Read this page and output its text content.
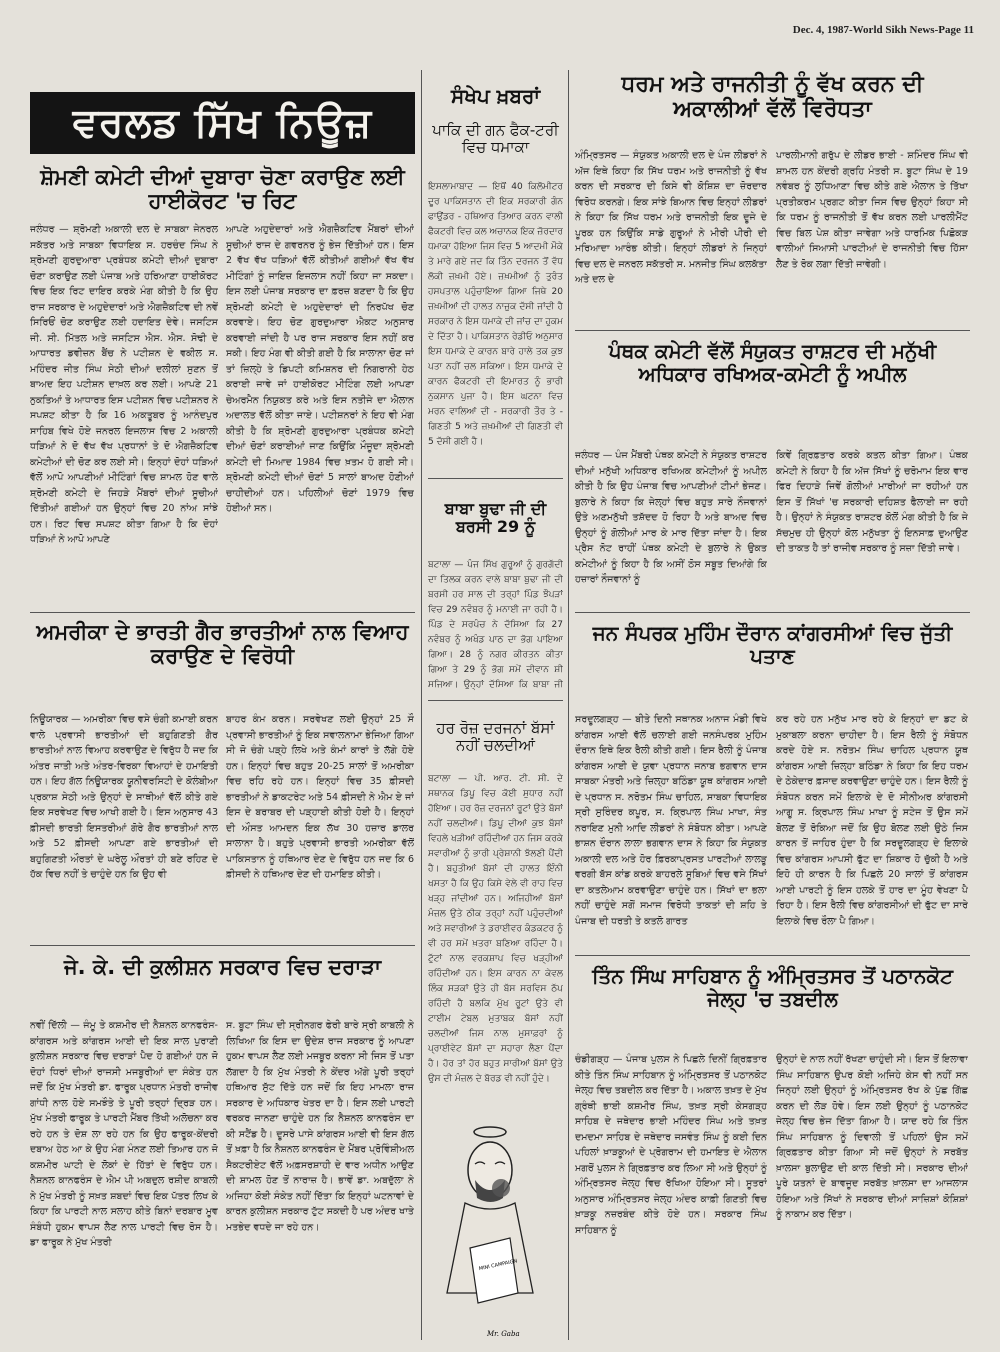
Dec. 4, 1987-World Sikh News-Page 11
ਵਰਲਡ ਸਿੱਖ ਨਿਊਜ਼
ਸ਼ੋਮਣੀ ਕਮੇਟੀ ਦੀਆਂ ਦੁਬਾਰਾ ਚੋਣਾ ਕਰਾਉਣ ਲਈ ਹਾਈਕੋਰਟ 'ਚ ਰਿਟ
ਜਲੰਧਰ — ਸ਼੍ਰੋਮਣੀ ਅਕਾਲੀ ਦਲ ਦੇ ਸਾਬਕਾ ਜੇਨਰਲ ਸਕੱਤਰ ਅਤੇ ਸਾਬਕਾ ਵਿਧਾਇਕ ਸ. ਹਰਚੰਦ ਸਿੰਘ ਨੇ ਸ਼੍ਰੋਮਣੀ ਗੁਰਦੁਆਰਾ ਪ੍ਰਬੰਧਕ ਕਮੇਟੀ ਦੀਆਂ ਦੁਬਾਰਾ ਚੋਣਾ ਕਰਾਉਣ ਲਈ ਪੰਜਾਬ ਅਤੇ ਹਰਿਆਣਾ ਹਾਈਕੋਰਟ ਵਿਚ ਇਕ ਰਿਟ ਦਾਇਰ ਕਰਕੇ ਮੰਗ ਕੀਤੀ ਹੈ ਕਿ ਉਹ ਰਾਜ ਸਰਕਾਰ ਦੇ ਅਹੁਦੇਦਾਰਾਂ ਅਤੇ ਐਗਜ਼ੈਕਟਿਵ ਦੀ ਨਵੇਂ ਸਿਰਿਓਂ ਚੋਣ ਕਰਾਉਣ ਲਈ ਹਦਾਇਤ ਦੇਵੇ। ਜਸਟਿਸ ਜੀ. ਸੀ. ਮਿੱਤਲ ਅਤੇ ਜਸਟਿਸ ਐਸ. ਐਸ. ਸੋਢੀ ਦੇ ਆਧਾਰਤ ਡਵੀਜ਼ਨ ਬੈਂਚ ਨੇ ਪਟੀਸ਼ਨ ਦੇ ਵਕੀਲ ਸ. ਮਹਿੰਦਰ ਜੀਤ ਸਿੰਘ ਸੇਠੀ ਦੀਆਂ ਦਲੀਲਾਂ ਸੁਣਨ ਤੋਂ ਬਾਅਦ ਇਹ ਪਟੀਸ਼ਨ ਦਾਖ਼ਲ ਕਰ ਲਈ। ਆਪਣੇ 21 ਨੁਕਤਿਆਂ ਤੇ ਆਧਾਰਤ ਇਸ ਪਟੀਸ਼ਨ ਵਿਚ ਪਟੀਸ਼ਨਰ ਨੇ ਸਪਸ਼ਟ ਕੀਤਾ ਹੈ ਕਿ 16 ਅਕਤੂਬਰ ਨੂੰ ਆਨੰਦਪੁਰ ਸਾਹਿਬ ਵਿਖੇ ਹੋਏ ਜਨਰਲ ਇਜਲਾਸ ਵਿਚ 2 ਅਕਾਲੀ ਧੜਿਆਂ ਨੇ ਦੋ ਵੱਖ ਵੱਖ ਪ੍ਰਧਾਨਾਂ ਤੇ ਦੋ ਐਗਜ਼ੈਕਟਿਵ ਕਮੇਟੀਆਂ ਦੀ ਚੋਣ ਕਰ ਲਈ ਸੀ। ਇਨ੍ਹਾਂ ਦੋਹਾਂ ਧੜਿਆਂ ਵੱਲੋਂ ਆਪੋ ਆਪਣੀਆਂ ਮੀਟਿੰਗਾਂ ਵਿਚ ਸ਼ਾਮਲ ਹੋਣ ਵਾਲੇ ਸ਼੍ਰੋਮਣੀ ਕਮੇਟੀ ਦੇ ਜਿਹੜੇ ਮੈਂਬਰਾਂ ਦੀਆਂ ਸੂਚੀਆਂ ਦਿੱਤੀਆਂ ਗਈਆਂ ਹਨ ਉਨ੍ਹਾਂ ਵਿਚ 20 ਨਾਂਅ ਸਾਂਝੇ ਹਨ। ਰਿਟ ਵਿਚ ਸਪਸ਼ਟ ਕੀਤਾ ਗਿਆ ਹੈ ਕਿ ਦੋਹਾਂ ਧੜਿਆਂ ਨੇ ਆਪੋ ਆਪਣੇ
ਆਪਣੇ ਅਹੁਦੇਦਾਰਾਂ ਅਤੇ ਐਗਜ਼ੈਕਟਿਵ ਮੈਂਬਰਾਂ ਦੀਆਂ ਸੂਚੀਆਂ ਰਾਜ ਦੇ ਗਵਰਨਰ ਨੂੰ ਭੇਜ ਦਿੱਤੀਆਂ ਹਨ। ਇਸ 2 ਵੱਖ ਵੱਖ ਧੜਿਆਂ ਵੱਲੋਂ ਕੀਤੀਆਂ ਗਈਆਂ ਵੱਖ ਵੱਖ ਮੀਟਿੰਗਾਂ ਨੂੰ ਜਾਇਜ਼ ਇਜਲਾਸ ਨਹੀਂ ਕਿਹਾ ਜਾ ਸਕਦਾ। ਇਸ ਲਈ ਪੰਜਾਬ ਸਰਕਾਰ ਦਾ ਫ਼ਰਜ਼ ਬਣਦਾ ਹੈ ਕਿ ਉਹ ਸ਼੍ਰੋਮਣੀ ਕਮੇਟੀ ਦੇ ਅਹੁਦੇਦਾਰਾਂ ਦੀ ਨਿਰਪੱਖ ਚੋਣ ਕਰਵਾਏ। ਇਹ ਚੋਣ ਗੁਰਦੁਆਰਾ ਐਕਟ ਅਨੁਸਾਰ ਕਰਵਾਈ ਜਾਂਦੀ ਹੈ ਪਰ ਰਾਜ ਸਰਕਾਰ ਇਸ ਨਹੀਂ ਕਰ ਸਕੀ। ਇਹ ਮੰਗ ਵੀ ਕੀਤੀ ਗਈ ਹੈ ਕਿ ਸਾਲਾਨਾ ਚੋਣ ਜਾਂ ਤਾਂ ਜ਼ਿਲ੍ਹੇ ਤੇ ਡਿਪਟੀ ਕਮਿਸ਼ਨਰ ਦੀ ਨਿਗਰਾਨੀ ਹੇਠ ਕਰਾਈ ਜਾਵੇ ਜਾਂ ਹਾਈਕੋਰਟ ਮੀਟਿੰਗ ਲਈ ਆਪਣਾ ਚੇਅਰਮੈਨ ਨਿਯੁਕਤ ਕਰੇ ਅਤੇ ਇਸ ਨਤੀਜੇ ਦਾ ਐਲਾਨ ਅਦਾਲਤ ਵੱਲੋਂ ਕੀਤਾ ਜਾਏ। ਪਟੀਸ਼ਨਰਾਂ ਨੇ ਇਹ ਵੀ ਮੰਗ ਕੀਤੀ ਹੈ ਕਿ ਸ਼੍ਰੋਮਣੀ ਗੁਰਦੁਆਰਾ ਪ੍ਰਬੰਧਕ ਕਮੇਟੀ ਦੀਆਂ ਚੋਣਾਂ ਕਰਾਈਆਂ ਜਾਣ ਕਿਉਂਕਿ ਮੌਜੂਦਾ ਸ਼੍ਰੋਮਣੀ ਕਮੇਟੀ ਦੀ ਮਿਆਦ 1984 ਵਿਚ ਖ਼ਤਮ ਹੋ ਗਈ ਸੀ। ਸ਼੍ਰੋਮਣੀ ਕਮੇਟੀ ਦੀਆਂ ਚੋਣਾਂ 5 ਸਾਲਾਂ ਬਾਅਦ ਹੋਣੀਆਂ ਚਾਹੀਦੀਆਂ ਹਨ। ਪਹਿਲੀਆਂ ਚੋਣਾਂ 1979 ਵਿਚ ਹੋਈਆਂ ਸਨ।
ਅਮਰੀਕਾ ਦੇ ਭਾਰਤੀ ਗੈਰ ਭਾਰਤੀਆਂ ਨਾਲ ਵਿਆਹ ਕਰਾਉਣ ਦੇ ਵਿਰੋਧੀ
ਨਿਊਯਾਰਕ — ਅਮਰੀਕਾ ਵਿਚ ਵਸੇ ਚੰਗੀ ਕਮਾਈ ਕਰਨ ਵਾਲੇ ਪ੍ਰਵਾਸੀ ਭਾਰਤੀਆਂ ਦੀ ਬਹੁਗਿਣਤੀ ਗੈਰ ਭਾਰਤੀਆਂ ਨਾਲ ਵਿਆਹ ਕਰਵਾਉਣ ਦੇ ਵਿਰੁੱਧ ਹੈ ਜਦ ਕਿ ਅੰਤਰ ਜਾਤੀ ਅਤੇ ਅੰਤਰ-ਵਿਰਕਾ ਵਿਆਹਾਂ ਦੇ ਹਮਾਇਤੀ ਹਨ। ਇਹ ਗੱਲ ਨਿਊਯਾਰਕ ਯੂਨੀਵਰਸਿਟੀ ਦੇ ਕੋਲੰਬੀਆ ਪ੍ਰਕਾਸ਼ ਸੇਠੀ ਅਤੇ ਉਨ੍ਹਾਂ ਦੇ ਸਾਥੀਆਂ ਵੱਲੋਂ ਕੀਤੇ ਗਏ ਇਕ ਸਰਵੇਖਣ ਵਿਚ ਆਖੀ ਗਈ ਹੈ। ਇਸ ਅਨੁਸਾਰ 43 ਫ਼ੀਸਦੀ ਭਾਰਤੀ ਇਸਤਰੀਆਂ ਗੋਰੇ ਗੈਰ ਭਾਰਤੀਆਂ ਨਾਲ ਅਤੇ 52 ਫ਼ੀਸਦੀ ਆਪਣਾ ਗਏ ਭਾਰਤੀਆਂ ਦੀ ਬਹੁਗਿਣਤੀ ਔਰਤਾਂ ਦੇ ਘਰੇਲੂ ਔਰਤਾਂ ਹੀ ਬਣੇ ਰਹਿਣ ਦੇ ਹੱਕ ਵਿਚ ਨਹੀਂ ਤੇ ਚਾਹੁੰਦੇ ਹਨ ਕਿ ਉਹ ਵੀ
ਬਾਹਰ ਕੰਮ ਕਰਨ। ਸਰਵੇਖਣ ਲਈ ਉਨ੍ਹਾਂ 25 ਸੌ ਪ੍ਰਵਾਸੀ ਭਾਰਤੀਆਂ ਨੂੰ ਇਕ ਸਵਾਲਨਾਮਾ ਭੇਜਿਆ ਗਿਆ ਸੀ ਜੋ ਚੰਗੇ ਪੜ੍ਹੇ ਲਿਖੇ ਅਤੇ ਕੰਮਾਂ ਕਾਰਾਂ ਤੇ ਲੱਗੇ ਹੋਏ ਹਨ। ਇਨ੍ਹਾਂ ਵਿਚ ਬਹੁਤ 20-25 ਸਾਲਾਂ ਤੋਂ ਅਮਰੀਕਾ ਵਿਚ ਰਹਿ ਰਹੇ ਹਨ। ਇਨ੍ਹਾਂ ਵਿਚ 35 ਫ਼ੀਸਦੀ ਭਾਰਤੀਆਂ ਨੇ ਡਾਕਟਰੇਟ ਅਤੇ 54 ਫ਼ੀਸਦੀ ਨੇ ਐਮ ਏ ਜਾਂ ਇਸ ਦੇ ਬਰਾਬਰ ਦੀ ਪੜ੍ਹਾਈ ਕੀਤੀ ਹੋਈ ਹੈ। ਇਨ੍ਹਾਂ ਦੀ ਔਸਤ ਆਮਦਨ ਇਕ ਲੱਖ 30 ਹਜ਼ਾਰ ਡਾਲਰ ਸਾਲਾਨਾ ਹੈ। ਬਹੁਤੇ ਪ੍ਰਵਾਸੀ ਭਾਰਤੀ ਅਮਰੀਕਾ ਵੱਲੋਂ ਪਾਕਿਸਤਾਨ ਨੂੰ ਹਥਿਆਰ ਦੇਣ ਦੇ ਵਿਰੁੱਧ ਹਨ ਜਦ ਕਿ 6 ਫ਼ੀਸਦੀ ਨੇ ਹਥਿਆਰ ਦੇਣ ਦੀ ਹਮਾਇਤ ਕੀਤੀ।
ਜੇ. ਕੇ. ਦੀ ਕੁਲੀਸ਼ਨ ਸਰਕਾਰ ਵਿਚ ਦਰਾੜਾ
ਨਵੀਂ ਦਿੱਲੀ — ਜੰਮੂ ਤੇ ਕਸ਼ਮੀਰ ਦੀ ਨੈਸ਼ਨਲ ਕਾਨਫਰੰਸ-ਕਾਂਗਰਸ ਅਤੇ ਕਾਂਗਰਸ ਆਈ ਦੀ ਇਕ ਸਾਲ ਪੁਰਾਣੀ ਕੁਲੀਸ਼ਨ ਸਰਕਾਰ ਵਿਚ ਦਰਾੜਾਂ ਪੈਦ ਹੋ ਗਈਆਂ ਹਨ ਜੋ ਦੋਹਾਂ ਧਿਰਾਂ ਦੀਆਂ ਰਾਜਸੀ ਮਜਬੂਰੀਆਂ ਦਾ ਸੰਕੇਤ ਹਨ ਜਦੋਂ ਕਿ ਮੁੱਖ ਮੰਤਰੀ ਡਾ. ਫਾਰੂਕ ਪ੍ਰਧਾਨ ਮੰਤਰੀ ਰਾਜੀਵ ਗਾਂਧੀ ਨਾਲ ਹੋਏ ਸਮਝੌਤੇ ਤੇ ਪੂਰੀ ਤਰ੍ਹਾਂ ਦ੍ਰਿੜ ਹਨ। ਮੁੱਖ ਮੰਤਰੀ ਫਾਰੂਕ ਤੇ ਪਾਰਟੀ ਮੈਂਬਰ ਤਿੱਖੀ ਅਲੋਚਨਾ ਕਰ ਰਹੇ ਹਨ ਤੇ ਦੋਸ਼ ਲਾ ਰਹੇ ਹਨ ਕਿ ਉਹ ਫਾਰੂਕ-ਕੇਂਦਰੀ ਦਬਾਅ ਹੇਠ ਆ ਕੇ ਉਹ ਮੰਗ ਮੰਨਣ ਲਈ ਤਿਆਰ ਹਨ ਜੋ ਕਸ਼ਮੀਰ ਘਾਟੀ ਦੇ ਲੋਕਾਂ ਦੇ ਹਿੱਤਾਂ ਦੇ ਵਿਰੁੱਧ ਹਨ। ਨੈਸ਼ਨਲ ਕਾਨਫਰੰਸ ਦੇ ਐਮ ਪੀ ਅਬਦੁਲ ਰਸ਼ੀਦ ਕਾਬਲੀ ਨੇ ਮੁੱਖ ਮੰਤਰੀ ਨੂੰ ਸਖ਼ਤ ਸ਼ਬਦਾਂ ਵਿਚ ਇਕ ਪੱਤਰ ਲਿਖ ਕੇ ਕਿਹਾ ਕਿ ਪਾਰਟੀ ਨਾਲ ਸਲਾਹ ਕੀਤੇ ਬਿਨਾਂ ਦਰਬਾਰ ਮੂਵ ਸੰਬੰਧੀ ਹੁਕਮ ਵਾਪਸ ਲੈਣ ਨਾਲ ਪਾਰਟੀ ਵਿਚ ਰੋਸ ਹੈ। ਡਾ ਫਾਰੂਕ ਨੇ ਮੁੱਖ ਮੰਤਰੀ
ਸ. ਬੂਟਾ ਸਿੰਘ ਦੀ ਸ੍ਰੀਨਗਰ ਫੇਰੀ ਬਾਰੇ ਸ੍ਰੀ ਕਾਬਲੀ ਨੇ ਲਿਖਿਆ ਕਿ ਇਸ ਦਾ ਉਦੇਸ਼ ਰਾਜ ਸਰਕਾਰ ਨੂੰ ਆਪਣਾ ਹੁਕਮ ਵਾਪਸ ਲੈਣ ਲਈ ਮਜਬੂਰ ਕਰਨਾ ਸੀ ਜਿਸ ਤੋਂ ਪਤਾ ਲੱਗਦਾ ਹੈ ਕਿ ਮੁੱਖ ਮੰਤਰੀ ਨੇ ਕੇਂਦਰ ਅੱਗੇ ਪੂਰੀ ਤਰ੍ਹਾਂ ਹਥਿਆਰ ਸੁੱਟ ਦਿੱਤੇ ਹਨ ਜਦੋਂ ਕਿ ਇਹ ਮਾਮਲਾ ਰਾਜ ਸਰਕਾਰ ਦੇ ਅਧਿਕਾਰ ਖੇਤਰ ਦਾ ਹੈ। ਇਸ ਲਈ ਪਾਰਟੀ ਵਰਕਰ ਜਾਨਣਾ ਚਾਹੁੰਦੇ ਹਨ ਕਿ ਨੈਸ਼ਨਲ ਕਾਨਫਰੰਸ ਦਾ ਕੀ ਸਟੈਂਡ ਹੈ। ਦੂਸਰੇ ਪਾਸੇ ਕਾਂਗਰਸ ਆਈ ਵੀ ਇਸ ਗੱਲ ਤੋਂ ਖ਼ਫ਼ਾ ਹੈ ਕਿ ਨੈਸ਼ਨਲ ਕਾਨਫਰੰਸ ਦੇ ਮੈਂਬਰ ਪ੍ਰੋਵਿੰਸ਼ੀਅਲ ਸੈਕਟਰੀਏਟ ਵੱਲੋਂ ਅਫ਼ਸਰਸ਼ਾਹੀ ਦੇ ਵਾਰ ਅਧੀਨ ਆਉਣ ਦੀ ਸ਼ਾਮਲ ਹੋਣ ਤੋਂ ਨਾਰਾਜ਼ ਹੈ। ਭਾਵੇਂ ਡਾ. ਅਬਦੁੱਲਾ ਨੇ ਅਜਿਹਾ ਕੋਈ ਸੰਕੇਤ ਨਹੀਂ ਦਿੱਤਾ ਕਿ ਇਨ੍ਹਾਂ ਘਟਨਾਵਾਂ ਦੇ ਕਾਰਨ ਕੁਲੀਸ਼ਨ ਸਰਕਾਰ ਟੁੱਟ ਸਕਦੀ ਹੈ ਪਰ ਅੰਦਰ ਖਾਤੇ ਮਤਭੇਦ ਵਧਦੇ ਜਾ ਰਹੇ ਹਨ।
ਸੰਖੇਪ ਖ਼ਬਰਾਂ
ਪਾਕਿ ਦੀ ਗਨ ਫੈਕ-ਟਰੀ ਵਿਚ ਧਮਾਕਾ
ਇਸਲਾਮਾਬਾਦ — ਇਥੋਂ 40 ਕਿਲੋਮੀਟਰ ਦੂਰ ਪਾਕਿਸਤਾਨ ਦੀ ਇਕ ਸਰਕਾਰੀ ਗੰਨ ਫਾਉਂਡਰ - ਹਥਿਆਰ ਤਿਆਰ ਕਰਨ ਵਾਲੀ ਫੈਕਟਰੀ ਵਿਚ ਕਲ ਅਚਾਨਕ ਇਕ ਜ਼ੋਰਦਾਰ ਧਮਾਕਾ ਹੋਇਆ ਜਿਸ ਵਿਚ 5 ਆਦਮੀ ਮੌਕੇ ਤੇ ਮਾਰੇ ਗਏ ਜਦ ਕਿ ਤਿੰਨ ਦਰਜਨ ਤੋਂ ਵੱਧ ਲੋਕੀ ਜ਼ਖ਼ਮੀ ਹੋਏ। ਜ਼ਖ਼ਮੀਆਂ ਨੂੰ ਤੁਰੰਤ ਹਸਪਤਾਲ ਪਹੁੰਚਾਇਆ ਗਿਆ ਜਿਥੇ 20 ਜ਼ਖ਼ਮੀਆਂ ਦੀ ਹਾਲਤ ਨਾਜ਼ੁਕ ਦੱਸੀ ਜਾਂਦੀ ਹੈ ਸਰਕਾਰ ਨੇ ਇਸ ਧਮਾਕੇ ਦੀ ਜਾਂਚ ਦਾ ਹੁਕਮ ਦੇ ਦਿੱਤਾ ਹੈ। ਪਾਕਿਸਤਾਨ ਰੇਡੀਓ ਅਨੁਸਾਰ ਇਸ ਧਮਾਕੇ ਦੇ ਕਾਰਨ ਬਾਰੇ ਹਾਲੇ ਤਕ ਕੁਝ ਪਤਾ ਨਹੀਂ ਚਲ ਸਕਿਆ। ਇਸ ਧਮਾਕੇ ਦੇ ਕਾਰਨ ਫੈਕਟਰੀ ਦੀ ਇਮਾਰਤ ਨੂੰ ਭਾਰੀ ਨੁਕਸਾਨ ਪੁਜਾ ਹੈ। ਇਸ ਘਟਨਾ ਵਿਚ ਮਰਨ ਵਾਲਿਆਂ ਦੀ - ਸਰਕਾਰੀ ਤੌਰ ਤੇ - ਗਿਣਤੀ 5 ਅਤੇ ਜ਼ਖ਼ਮੀਆਂ ਦੀ ਗਿਣਤੀ ਵੀ 5 ਦੱਸੀ ਗਈ ਹੈ।
ਬਾਬਾ ਬੁਢਾ ਜੀ ਦੀ ਬਰਸੀ 29 ਨੂੰ
ਬਟਾਲਾ — ਪੰਜ ਸਿੱਖ ਗੁਰੂਆਂ ਨੂੰ ਗੁਰਗੱਦੀ ਦਾ ਤਿਲਕ ਕਰਨ ਵਾਲੇ ਬਾਬਾ ਬੁਢਾ ਜੀ ਦੀ ਬਰਸੀ ਹਰ ਸਾਲ ਦੀ ਤਰ੍ਹਾਂ ਪਿੰਡ ਝੌਪੜਾਂ ਵਿਚ 29 ਨਵੰਬਰ ਨੂੰ ਮਨਾਈ ਜਾ ਰਹੀ ਹੈ। ਪਿੰਡ ਦੇ ਸਰਪੰਚ ਨੇ ਦੱਸਿਆ ਕਿ 27 ਨਵੰਬਰ ਨੂੰ ਅਖੰਡ ਪਾਠ ਦਾ ਭੋਗ ਪਾਇਆ ਗਿਆ। 28 ਨੂੰ ਨਗਰ ਕੀਰਤਨ ਕੀਤਾ ਗਿਆ ਤੇ 29 ਨੂੰ ਭੋਗ ਸਮੇਂ ਦੀਵਾਨ ਸ਼ੀ ਸਜਿਆ। ਉਨ੍ਹਾਂ ਦੱਸਿਆ ਕਿ ਬਾਬਾ ਜੀ
ਹਰ ਰੋਜ਼ ਦਰਜਨਾਂ ਬੱਸਾਂ ਨਹੀਂ ਚਲਦੀਆਂ
ਬਟਾਲਾ — ਪੀ. ਆਰ. ਟੀ. ਸੀ. ਦੇ ਸਥਾਨਕ ਡਿਪੂ ਵਿਚ ਕੋਈ ਸੁਧਾਰ ਨਹੀਂ ਹੋਇਆ। ਹਰ ਰੋਜ਼ ਦਰਜਨਾਂ ਰੂਟਾਂ ਉਤੇ ਬੱਸਾਂ ਨਹੀਂ ਚਲਦੀਆਂ। ਡਿਪੂ ਦੀਆਂ ਕੁਝ ਬੱਸਾਂ ਵਿਹਲੇ ਖੜੀਆਂ ਰਹਿੰਦੀਆਂ ਹਨ ਜਿਸ ਕਰਕੇ ਸਵਾਰੀਆਂ ਨੂੰ ਭਾਰੀ ਪ੍ਰੇਸ਼ਾਨੀ ਝੱਲਣੀ ਪੈਂਦੀ ਹੈ। ਬਹੁਤੀਆਂ ਬੱਸਾਂ ਦੀ ਹਾਲਤ ਇੰਨੀ ਖਸਤਾ ਹੈ ਕਿ ਉਹ ਕਿਸੇ ਵੇਲੇ ਵੀ ਰਾਹ ਵਿਚ ਖੜ੍ਹ ਜਾਂਦੀਆਂ ਹਨ। ਅਜਿਹੀਆਂ ਬੱਸਾਂ ਮੰਜ਼ਲ ਉਤੇ ਠੀਕ ਤਰ੍ਹਾਂ ਨਹੀਂ ਪਹੁੰਚਦੀਆਂ ਅਤੇ ਸਵਾਰੀਆਂ ਤੇ ਡਰਾਈਵਰ ਕੰਡਕਟਰ ਨੂੰ ਵੀ ਹਰ ਸਮੇਂ ਖ਼ਤਰਾ ਬਣਿਆ ਰਹਿੰਦਾ ਹੈ। ਟੁੱਟਾਂ ਨਾਲ ਵਰਕਸ਼ਾਪ ਵਿਚ ਖੜ੍ਹੀਆਂ ਰਹਿੰਦੀਆਂ ਹਨ। ਇਸ ਕਾਰਨ ਨਾ ਕੇਵਲ ਲਿੰਕ ਸੜਕਾਂ ਉਤੇ ਹੀ ਬੱਸ ਸਰਵਿਸ ਠੱਪ ਰਹਿੰਦੀ ਹੈ ਬਲਕਿ ਮੁੱਖ ਰੂਟਾਂ ਉਤੇ ਵੀ ਟਾਈਮ ਟੇਬਲ ਮੁਤਾਬਕ ਬੱਸਾਂ ਨਹੀਂ ਚਲਦੀਆਂ ਜਿਸ ਨਾਲ ਮੁਸਾਫ਼ਰਾਂ ਨੂੰ ਪ੍ਰਾਈਵੇਟ ਬੱਸਾਂ ਦਾ ਸਹਾਰਾ ਲੈਣਾ ਪੈਂਦਾ ਹੈ। ਹੋਰ ਤਾਂ ਹੋਰ ਬਹੁਤ ਸਾਰੀਆਂ ਬੱਸਾਂ ਉਤੇ ਉਸ ਦੀ ਮੰਜ਼ਲ ਦੇ ਬੋਰਡ ਵੀ ਨਹੀਂ ਹੁੰਦੇ।
MINI CAMPAIGN
Mr. Gaba
ਧਰਮ ਅਤੇ ਰਾਜਨੀਤੀ ਨੂੰ ਵੱਖ ਕਰਨ ਦੀ ਅਕਾਲੀਆਂ ਵੱਲੋਂ ਵਿਰੋਧਤਾ
ਅੰਮ੍ਰਿਤਸਰ — ਸੰਯੁਕਤ ਅਕਾਲੀ ਦਲ ਦੇ ਪੰਜ ਲੀਡਰਾਂ ਨੇ ਅੱਜ ਇਥੇ ਕਿਹਾ ਕਿ ਸਿੱਖ ਧਰਮ ਅਤੇ ਰਾਜਨੀਤੀ ਨੂੰ ਵੱਖ ਕਰਨ ਦੀ ਸਰਕਾਰ ਦੀ ਕਿਸੇ ਵੀ ਕੋਸ਼ਿਸ਼ ਦਾ ਜ਼ੋਰਦਾਰ ਵਿਰੋਧ ਕਰਨਗੇ। ਇਕ ਸਾਂਝੇ ਬਿਆਨ ਵਿਚ ਇਨ੍ਹਾਂ ਲੀਡਰਾਂ ਨੇ ਕਿਹਾ ਕਿ ਸਿੱਖ ਧਰਮ ਅਤੇ ਰਾਜਨੀਤੀ ਇਕ ਦੂਜੇ ਦੇ ਪੂਰਕ ਹਨ ਕਿਉਂਕਿ ਸਾਡੇ ਗੁਰੂਆਂ ਨੇ ਮੀਰੀ ਪੀਰੀ ਦੀ ਮਰਿਆਦਾ ਆਰੰਭ ਕੀਤੀ। ਇਨ੍ਹਾਂ ਲੀਡਰਾਂ ਨੇ ਜਿਨ੍ਹਾਂ ਵਿਚ ਦਲ ਦੇ ਜਨਰਲ ਸਕੱਤਰੀ ਸ. ਮਨਜੀਤ ਸਿੰਘ ਕਲਕੱਤਾ ਅਤੇ ਦਲ ਦੇ
ਪਾਰਲੀਮਾਨੀ ਗਰੁੱਪ ਦੇ ਲੀਡਰ ਭਾਈ - ਸ਼ਮਿੰਦਰ ਸਿੰਘ ਵੀ ਸ਼ਾਮਲ ਹਨ ਕੇਂਦਰੀ ਗ੍ਰਹਿ ਮੰਤਰੀ ਸ. ਬੂਟਾ ਸਿੰਘ ਦੇ 19 ਨਵੰਬਰ ਨੂੰ ਲੁਧਿਆਣਾ ਵਿਚ ਕੀਤੇ ਗਏ ਐਲਾਨ ਤੇ ਤਿੱਖਾ ਪ੍ਰਤੀਕਰਮ ਪ੍ਰਗਟ ਕੀਤਾ ਜਿਸ ਵਿਚ ਉਨ੍ਹਾਂ ਕਿਹਾ ਸੀ ਕਿ ਧਰਮ ਨੂੰ ਰਾਜਨੀਤੀ ਤੋਂ ਵੱਖ ਕਰਨ ਲਈ ਪਾਰਲੀਮੈਂਟ ਵਿਚ ਬਿਲ ਪੇਸ਼ ਕੀਤਾ ਜਾਵੇਗਾ ਅਤੇ ਧਾਰਮਿਕ ਪਿਛੋਕੜ ਵਾਲੀਆਂ ਸਿਆਸੀ ਪਾਰਟੀਆਂ ਦੇ ਰਾਜਨੀਤੀ ਵਿਚ ਹਿੱਸਾ ਲੈਣ ਤੇ ਰੋਕ ਲਗਾ ਦਿੱਤੀ ਜਾਵੇਗੀ।
ਪੰਥਕ ਕਮੇਟੀ ਵੱਲੋਂ ਸੰਯੁਕਤ ਰਾਸ਼ਟਰ ਦੀ ਮਨੁੱਖੀ ਅਧਿਕਾਰ ਰਖਿਅਕ-ਕਮੇਟੀ ਨੂੰ ਅਪੀਲ
ਜਲੰਧਰ — ਪੰਜ ਮੈਂਬਰੀ ਪੰਥਕ ਕਮੇਟੀ ਨੇ ਸੰਯੁਕਤ ਰਾਸ਼ਟਰ ਦੀਆਂ ਮਨੁੱਖੀ ਅਧਿਕਾਰ ਰਖਿਅਕ ਕਮੇਟੀਆਂ ਨੂੰ ਅਪੀਲ ਕੀਤੀ ਹੈ ਕਿ ਉਹ ਪੰਜਾਬ ਵਿਚ ਆਪਣੀਆਂ ਟੀਮਾਂ ਭੇਜਣ। ਬੁਲਾਰੇ ਨੇ ਕਿਹਾ ਕਿ ਜੇਲ੍ਹਾਂ ਵਿਚ ਬਹੁਤ ਸਾਰੇ ਨੌਜਵਾਨਾਂ ਉਤੇ ਅਣਮਨੁੱਖੀ ਤਸ਼ੱਦਦ ਹੋ ਰਿਹਾ ਹੈ ਅਤੇ ਬਾਅਦ ਵਿਚ ਉਨ੍ਹਾਂ ਨੂੰ ਗੋਲੀਆਂ ਮਾਰ ਕੇ ਮਾਰ ਦਿੱਤਾ ਜਾਂਦਾ ਹੈ। ਇਕ ਪ੍ਰੈਸ ਨੋਟ ਰਾਹੀਂ ਪੰਥਕ ਕਮੇਟੀ ਦੇ ਬੁਲਾਰੇ ਨੇ ਉਕਤ ਕਮੇਟੀਆਂ ਨੂੰ ਕਿਹਾ ਹੈ ਕਿ ਅਸੀਂ ਠੋਸ ਸਬੂਤ ਦਿਆਂਗੇ ਕਿ ਹਜ਼ਾਰਾਂ ਨੌਜਵਾਨਾਂ ਨੂੰ
ਕਿਵੇਂ ਗ੍ਰਿਫ਼ਤਾਰ ਕਰਕੇ ਕਤਲ ਕੀਤਾ ਗਿਆ। ਪੰਥਕ ਕਮੇਟੀ ਨੇ ਕਿਹਾ ਹੈ ਕਿ ਅੱਜ ਸਿੱਖਾਂ ਨੂੰ ਚਰੋਮਾਮ ਇਕ ਵਾਰ ਫਿਰ ਦਿਹਾੜੇ ਜਿਵੇਂ ਗੋਲੀਆਂ ਮਾਰੀਆਂ ਜਾ ਰਹੀਆਂ ਹਨ ਇਸ ਤੋਂ ਸਿੱਖਾਂ 'ਚ ਸਰਕਾਰੀ ਦਹਿਸ਼ਤ ਫੈਲਾਈ ਜਾ ਰਹੀ ਹੈ। ਉਨ੍ਹਾਂ ਨੇ ਸੰਯੁਕਤ ਰਾਸ਼ਟਰ ਕੋਲੋਂ ਮੰਗ ਕੀਤੀ ਹੈ ਕਿ ਜੇ ਸੱਚਮੁਚ ਹੀ ਉਨ੍ਹਾਂ ਕੋਲ ਮਨੁੱਖਤਾ ਨੂੰ ਇਨਸਾਫ਼ ਦੁਆਉਣ ਦੀ ਤਾਕਤ ਹੈ ਤਾਂ ਰਾਜੀਵ ਸਰਕਾਰ ਨੂੰ ਸਜ਼ਾ ਦਿੱਤੀ ਜਾਵੇ।
ਜਨ ਸੰਪਰਕ ਮੁਹਿੰਮ ਦੌਰਾਨ ਕਾਂਗਰਸੀਆਂ ਵਿਚ ਜੁੱਤੀ ਪਤਾਣ
ਸਰਦੂਲਗੜ੍ਹ — ਬੀਤੇ ਦਿਨੀ ਸਥਾਨਕ ਅਨਾਜ ਮੰਡੀ ਵਿਖੇ ਕਾਂਗਰਸ ਆਈ ਵੱਲੋਂ ਚਲਾਈ ਗਈ ਜਨਸੰਪਰਕ ਮੁਹਿੰਮ ਦੌਰਾਨ ਇਥੇ ਇਕ ਰੈਲੀ ਕੀਤੀ ਗਈ। ਇਸ ਰੈਲੀ ਨੂੰ ਪੰਜਾਬ ਕਾਂਗਰਸ ਆਈ ਦੇ ਯੁਵਾ ਪ੍ਰਧਾਨ ਜਨਾਬ ਭਗਵਾਨ ਦਾਸ ਸਾਬਕਾ ਮੰਤਰੀ ਅਤੇ ਜ਼ਿਲ੍ਹਾ ਬਠਿੰਡਾ ਯੂਥ ਕਾਂਗਰਸ ਆਈ ਦੇ ਪ੍ਰਧਾਨ ਸ. ਨਰੋਤਮ ਸਿੰਘ ਚਾਹਿਲ, ਸਾਬਕਾ ਵਿਧਾਇਕ ਸ੍ਰੀ ਸੁਰਿੰਦਰ ਕਪੂਰ, ਸ. ਕ੍ਰਿਪਾਲ ਸਿੰਘ ਮਾਖਾ, ਸੰਤ ਨਰਾਇਣ ਮੁਨੀ ਆਦਿ ਲੀਡਰਾਂ ਨੇ ਸੰਬੋਧਨ ਕੀਤਾ। ਆਪਣੇ ਭਾਸ਼ਨ ਦੌਰਾਨ ਲਾਲਾ ਭਗਵਾਨ ਦਾਸ ਨੇ ਕਿਹਾ ਕਿ ਸੰਯੁਕਤ ਅਕਾਲੀ ਦਲ ਅਤੇ ਹੋਰ ਫ਼ਿਰਕਾਪ੍ਰਸਤ ਪਾਰਟੀਆਂ ਲਾਲੜੂ ਵਰਗੀ ਬੱਸ ਕਾਂਡ ਕਰਕੇ ਬਾਹਰਲੇ ਸੂਬਿਆਂ ਵਿਚ ਵਸੇ ਸਿੱਖਾਂ ਦਾ ਕਤਲੇਆਮ ਕਰਵਾਉਣਾ ਚਾਹੁੰਦੇ ਹਨ। ਸਿੱਖਾਂ ਦਾ ਭਲਾ ਨਹੀਂ ਚਾਹੁੰਦੇ ਸਗੋਂ ਸਮਾਜ ਵਿਰੋਧੀ ਤਾਕਤਾਂ ਦੀ ਸ਼ਹਿ ਤੇ ਪੰਜਾਬ ਦੀ ਧਰਤੀ ਤੇ ਕਤਲੋ ਗਾਰਤ
ਕਰ ਰਹੇ ਹਨ ਮਨੁੱਖ ਮਾਰ ਰਹੇ ਕੇ ਇਨ੍ਹਾਂ ਦਾ ਡਟ ਕੇ ਮੁਕਾਬਲਾ ਕਰਨਾ ਚਾਹੀਦਾ ਹੈ। ਇਸ ਰੈਲੀ ਨੂੰ ਸੰਬੋਧਨ ਕਰਦੇ ਹੋਏ ਸ. ਨਰੋਤਮ ਸਿੰਘ ਚਾਹਿਲ ਪ੍ਰਧਾਨ ਯੂਥ ਕਾਂਗਰਸ ਆਈ ਜ਼ਿਲ੍ਹਾ ਬਠਿੰਡਾ ਨੇ ਕਿਹਾ ਕਿ ਇਹ ਧਰਮ ਦੇ ਠੇਕੇਦਾਰ ਫ਼ਸਾਦ ਕਰਵਾਉਣਾ ਚਾਹੁੰਦੇ ਹਨ। ਇਸ ਰੈਲੀ ਨੂੰ ਸੰਬੋਧਨ ਕਰਨ ਸਮੇਂ ਇਲਾਕੇ ਦੇ ਦੋ ਸੀਨੀਅਰ ਕਾਂਗਰਸੀ ਆਗੂ ਸ. ਕ੍ਰਿਪਾਲ ਸਿੰਘ ਮਾਖਾ ਨੂੰ ਸਟੇਜ ਤੋਂ ਉਸ ਸਮੇਂ ਬੋਲਣ ਤੋਂ ਰੋਕਿਆ ਜਦੋਂ ਕਿ ਉਹ ਬੋਲਣ ਲਈ ਉਠੇ ਜਿਸ ਕਾਰਨ ਤੋਂ ਜਾਹਿਰ ਹੁੰਦਾ ਹੈ ਕਿ ਸਰਦੂਲਗੜ੍ਹ ਦੇ ਇਲਾਕੇ ਵਿਚ ਕਾਂਗਰਸ ਆਪਸੀ ਫੁੱਟ ਦਾ ਸ਼ਿਕਾਰ ਹੋ ਚੁੱਕੀ ਹੈ ਅਤੇ ਇਹੋ ਹੀ ਕਾਰਨ ਹੈ ਕਿ ਪਿਛਲੇ 20 ਸਾਲਾਂ ਤੋਂ ਕਾਂਗਰਸ ਆਈ ਪਾਰਟੀ ਨੂੰ ਇਸ ਹਲਕੇ ਤੋਂ ਹਾਰ ਦਾ ਮੂੰਹ ਵੇਖਣਾ ਪੈ ਰਿਹਾ ਹੈ। ਇਸ ਰੈਲੀ ਵਿਚ ਕਾਂਗਰਸੀਆਂ ਦੀ ਫੁੱਟ ਦਾ ਸਾਰੇ ਇਲਾਕੇ ਵਿਚ ਰੌਲਾ ਪੈ ਗਿਆ।
ਤਿੰਨ ਸਿੰਘ ਸਾਹਿਬਾਨ ਨੂੰ ਅੰਮ੍ਰਿਤਸਰ ਤੋਂ ਪਠਾਨਕੋਟ ਜੇਲ੍ਹ 'ਚ ਤਬਦੀਲ
ਚੰਡੀਗੜ੍ਹ — ਪੰਜਾਬ ਪੁਲਸ ਨੇ ਪਿਛਲੇ ਦਿਨੀਂ ਗ੍ਰਿਫ਼ਤਾਰ ਕੀਤੇ ਤਿੰਨ ਸਿੰਘ ਸਾਹਿਬਾਨ ਨੂੰ ਅੰਮ੍ਰਿਤਸਰ ਤੋਂ ਪਠਾਨਕੋਟ ਜੇਲ੍ਹ ਵਿਚ ਤਬਦੀਲ ਕਰ ਦਿੱਤਾ ਹੈ। ਅਕਾਲ ਤਖ਼ਤ ਦੇ ਮੁੱਖ ਗ੍ਰੰਥੀ ਭਾਈ ਕਸ਼ਮੀਰ ਸਿੰਘ, ਤਖ਼ਤ ਸ੍ਰੀ ਕੇਸਗੜ੍ਹ ਸਾਹਿਬ ਦੇ ਜਥੇਦਾਰ ਭਾਈ ਮਹਿੰਦਰ ਸਿੰਘ ਅਤੇ ਤਖ਼ਤ ਦਮਦਮਾ ਸਾਹਿਬ ਦੇ ਜਥੇਦਾਰ ਜਸਵੰਤ ਸਿੰਘ ਨੂੰ ਕਈ ਦਿਨ ਪਹਿਲਾਂ ਖ਼ਾੜਕੂਆਂ ਦੇ ਪ੍ਰੋਗਰਾਮ ਦੀ ਹਮਾਇਤ ਦੇ ਐਲਾਨ ਮਗਰੋਂ ਪੁਲਸ ਨੇ ਗ੍ਰਿਫ਼ਤਾਰ ਕਰ ਲਿਆ ਸੀ ਅਤੇ ਉਨ੍ਹਾਂ ਨੂੰ ਅੰਮ੍ਰਿਤਸਰ ਜੇਲ੍ਹ ਵਿਚ ਰੱਖਿਆ ਹੋਇਆ ਸੀ। ਸੂਤਰਾਂ ਅਨੁਸਾਰ ਅੰਮ੍ਰਿਤਸਰ ਜੇਲ੍ਹ ਅੰਦਰ ਕਾਫ਼ੀ ਗਿਣਤੀ ਵਿਚ ਖ਼ਾੜਕੂ ਨਜ਼ਰਬੰਦ ਕੀਤੇ ਹੋਏ ਹਨ। ਸਰਕਾਰ ਸਿੰਘ ਸਾਹਿਬਾਨ ਨੂੰ
ਉਨ੍ਹਾਂ ਦੇ ਨਾਲ ਨਹੀਂ ਰੱਖਣਾ ਚਾਹੁੰਦੀ ਸੀ। ਇਸ ਤੋਂ ਇਲਾਵਾ ਸਿੰਘ ਸਾਹਿਬਾਨ ਉਪਰ ਕੋਈ ਅਜਿਹੇ ਕੇਸ ਵੀ ਨਹੀਂ ਸਨ ਜਿਨ੍ਹਾਂ ਲਈ ਉਨ੍ਹਾਂ ਨੂੰ ਅੰਮ੍ਰਿਤਸਰ ਰੱਖ ਕੇ ਪੁੱਛ ਗਿੱਛ ਕਰਨ ਦੀ ਲੋੜ ਹੋਵੇ। ਇਸ ਲਈ ਉਨ੍ਹਾਂ ਨੂੰ ਪਠਾਨਕੋਟ ਜੇਲ੍ਹ ਵਿਚ ਭੇਜ ਦਿੱਤਾ ਗਿਆ ਹੈ। ਯਾਦ ਰਹੇ ਕਿ ਤਿੰਨ ਸਿੰਘ ਸਾਹਿਬਾਨ ਨੂੰ ਦਿਵਾਲੀ ਤੋਂ ਪਹਿਲਾਂ ਉਸ ਸਮੇਂ ਗ੍ਰਿਫ਼ਤਾਰ ਕੀਤਾ ਗਿਆ ਸੀ ਜਦੋਂ ਉਨ੍ਹਾਂ ਨੇ ਸਰਬੱਤ ਖ਼ਾਲਸਾ ਬੁਲਾਉਣ ਦੀ ਕਾਲ ਦਿੱਤੀ ਸੀ। ਸਰਕਾਰ ਦੀਆਂ ਪੂਰੇ ਯਤਨਾਂ ਦੇ ਬਾਵਜੂਦ ਸਰਬੱਤ ਖ਼ਾਲਸਾ ਦਾ ਆਜਲਾਸ ਹੋਇਆ ਅਤੇ ਸਿੱਖਾਂ ਨੇ ਸਰਕਾਰ ਦੀਆਂ ਸਾਜ਼ਿਸ਼ਾਂ ਕੋਸ਼ਿਸ਼ਾਂ ਨੂੰ ਨਾਕਾਮ ਕਰ ਦਿੱਤਾ।
